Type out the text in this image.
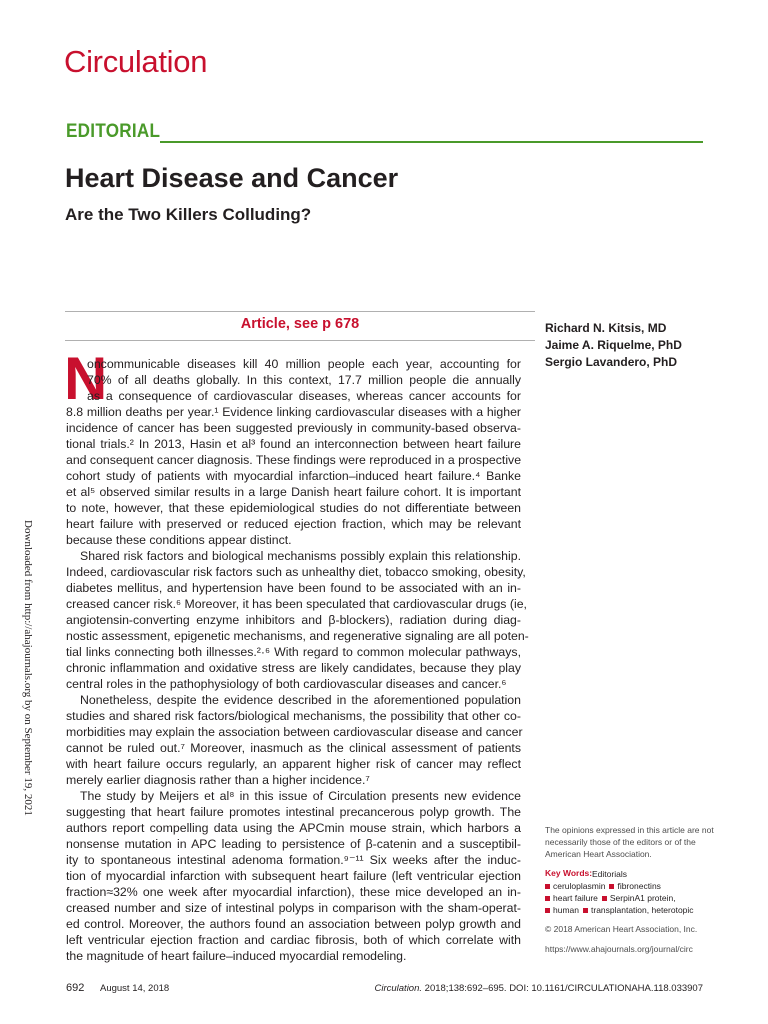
Circulation
EDITORIAL
Heart Disease and Cancer
Are the Two Killers Colluding?
Article, see p 678	Richard N. Kitsis, MD
Jaime A. Riquelme, PhD
Sergio Lavandero, PhD
Downloaded from http://ahajournals.org by on September 19, 2021
N
oncommunicable diseases kill 40 million people each year, accounting for
70% of all deaths globally. In this context, 17.7 million people die annually
as a consequence of cardiovascular diseases, whereas cancer accounts for
8.8 million deaths per year.¹ Evidence linking cardiovascular diseases with a higher
incidence of cancer has been suggested previously in community-based observa-
tional trials.² In 2013, Hasin et al³ found an interconnection between heart failure
and consequent cancer diagnosis. These findings were reproduced in a prospective
cohort study of patients with myocardial infarction–induced heart failure.⁴ Banke
et al⁵ observed similar results in a large Danish heart failure cohort. It is important
to note, however, that these epidemiological studies do not differentiate between
heart failure with preserved or reduced ejection fraction, which may be relevant
because these conditions appear distinct.
Shared risk factors and biological mechanisms possibly explain this relationship.
Indeed, cardiovascular risk factors such as unhealthy diet, tobacco smoking, obesity,
diabetes mellitus, and hypertension have been found to be associated with an in-
creased cancer risk.⁶ Moreover, it has been speculated that cardiovascular drugs (ie,
angiotensin-converting enzyme inhibitors and β-blockers), radiation during diag-
nostic assessment, epigenetic mechanisms, and regenerative signaling are all poten-
tial links connecting both illnesses.²·⁶ With regard to common molecular pathways,
chronic inflammation and oxidative stress are likely candidates, because they play
central roles in the pathophysiology of both cardiovascular diseases and cancer.⁶
Nonetheless, despite the evidence described in the aforementioned population
studies and shared risk factors/biological mechanisms, the possibility that other co-
morbidities may explain the association between cardiovascular disease and cancer
cannot be ruled out.⁷ Moreover, inasmuch as the clinical assessment of patients
with heart failure occurs regularly, an apparent higher risk of cancer may reflect
merely earlier diagnosis rather than a higher incidence.⁷
The study by Meijers et al⁸ in this issue of Circulation presents new evidence
suggesting that heart failure promotes intestinal precancerous polyp growth. The
authors report compelling data using the APCmin mouse strain, which harbors a
nonsense mutation in APC leading to persistence of β-catenin and a susceptibil-
ity to spontaneous intestinal adenoma formation.⁹⁻¹¹ Six weeks after the induc-
tion of myocardial infarction with subsequent heart failure (left ventricular ejection
fraction≈32% one week after myocardial infarction), these mice developed an in-
creased number and size of intestinal polyps in comparison with the sham-operat-
ed control. Moreover, the authors found an association between polyp growth and
left ventricular ejection fraction and cardiac fibrosis, both of which correlate with
the magnitude of heart failure–induced myocardial remodeling.
The opinions expressed in this article are not necessarily those of the editors or of the American Heart Association.
Key Words: Editorials
ceruloplasmin fibronectins
heart failure SerpinA1 protein,
human transplantation, heterotopic
© 2018 American Heart Association, Inc.
https://www.ahajournals.org/journal/circ
692 August 14, 2018	Circulation. 2018;138:692–695. DOI: 10.1161/CIRCULATIONAHA.118.033907
